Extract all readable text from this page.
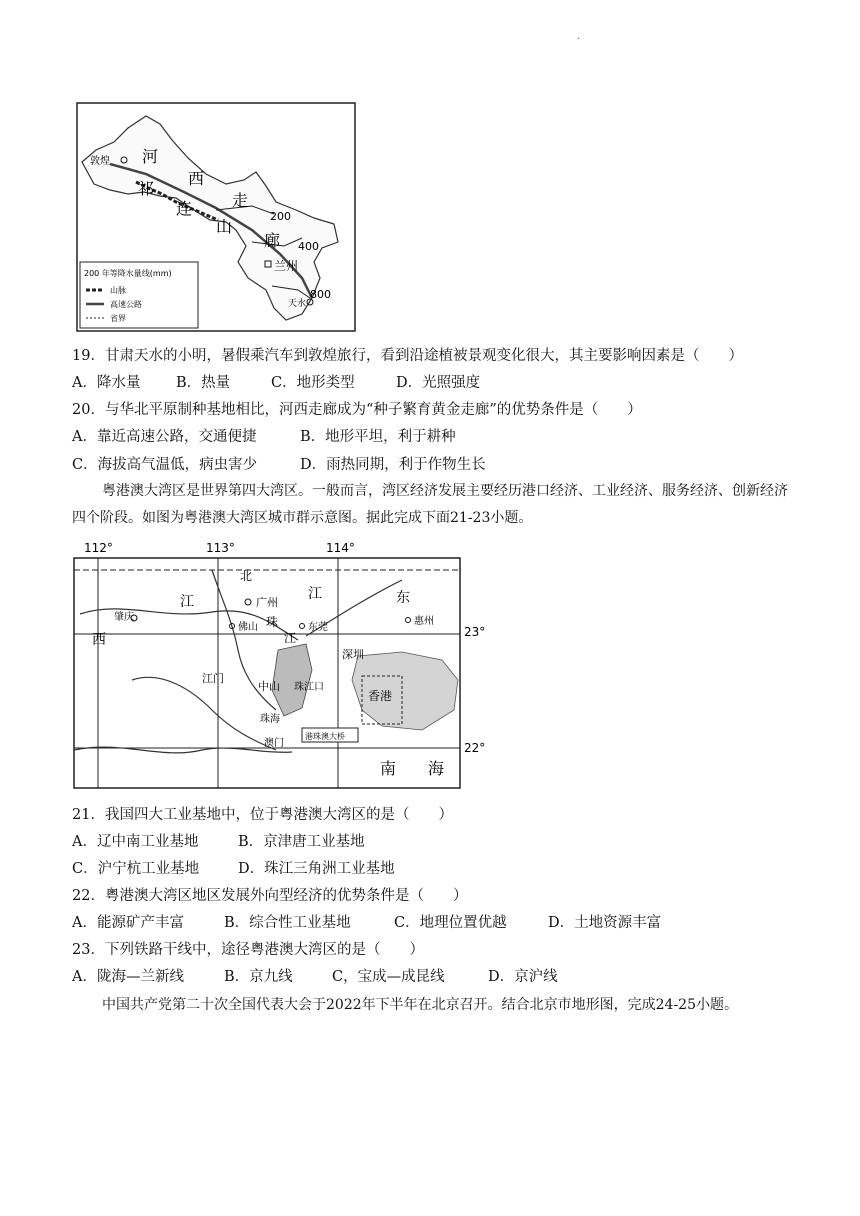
·
敦煌 河
西
走
廊
祁
连
山
200
400
800
兰州
天水
200 年等降水量线(mm)
山脉
高速公路
省界
19．甘肃天水的小明，暑假乘汽车到敦煌旅行，看到沿途植被景观变化很大，其主要影响因素是（　　）
A．降水量 B．热量	C．地形类型	D．光照强度
20．与华北平原制种基地相比，河西走廊成为“种子繁育黄金走廊”的优势条件是（　　）
A．靠近高速公路，交通便捷	B．地形平坦，利于耕种
C．海拔高气温低，病虫害少	D．雨热同期，利于作物生长
粤港澳大湾区是世界第四大湾区。一般而言，湾区经济发展主要经历港口经济、工业经济、服务经济、创新经济四个阶段。如图为粤港澳大湾区城市群示意图。据此完成下面21-23小题。
112°	113°	114°
23°
22°
西
江
北
江	东
珠
江
广州
肇庆
佛山	东莞
惠州
江门
中山
深圳
珠江口
珠海
澳门
香港
港珠澳大桥
南 海
21．我国四大工业基地中，位于粤港澳大湾区的是（　　）
A．辽中南工业基地	B．京津唐工业基地
C．沪宁杭工业基地	D．珠江三角洲工业基地
22．粤港澳大湾区地区发展外向型经济的优势条件是（　　）
A．能源矿产丰富	B．综合性工业基地	C．地理位置优越	D．土地资源丰富
23．下列铁路干线中，途径粤港澳大湾区的是（　　）
A．陇海—兰新线	B．京九线	C，宝成—成昆线	D．京沪线
中国共产党第二十次全国代表大会于2022年下半年在北京召开。结合北京市地形图，完成24-25小题。
